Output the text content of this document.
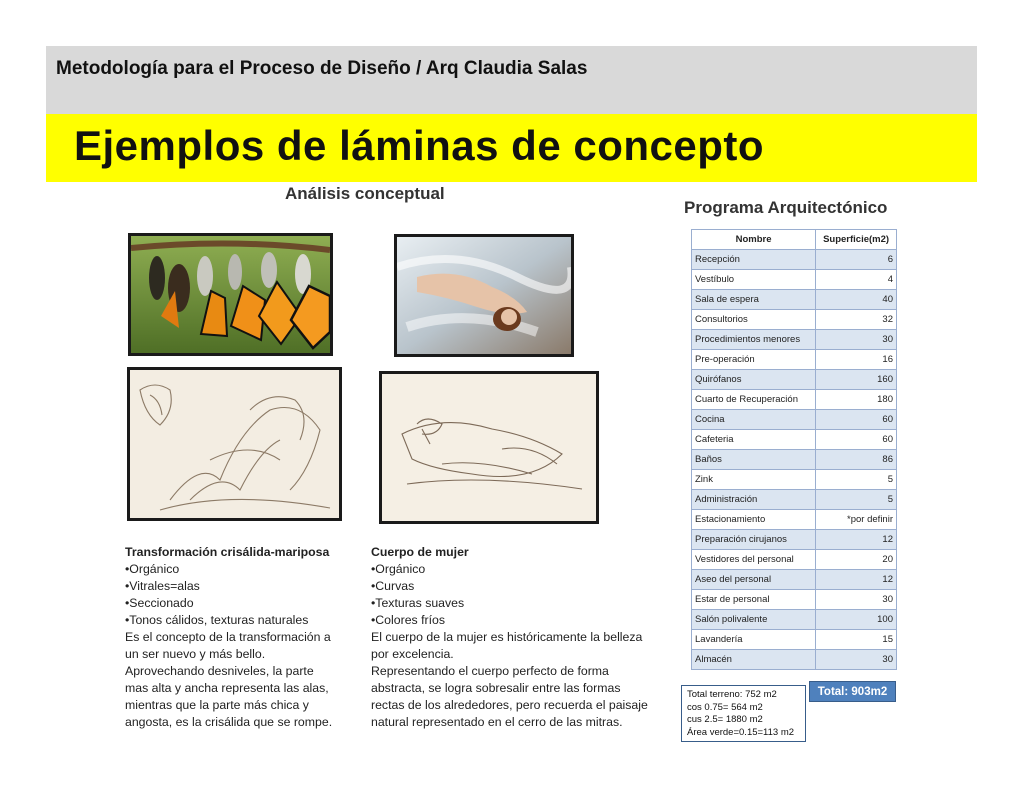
Metodología para el Proceso de Diseño / Arq Claudia Salas
Ejemplos de láminas de concepto
Análisis conceptual
Programa Arquitectónico
Transformación crisálida-mariposa
•Orgánico
•Vitrales=alas
•Seccionado
•Tonos cálidos, texturas naturales
Es el concepto de la transformación a
un ser nuevo y más bello.
Aprovechando desniveles, la parte
mas alta y ancha representa las alas,
mientras que la parte más chica y
angosta, es la crisálida que se rompe.
Cuerpo de mujer
•Orgánico
•Curvas
•Texturas suaves
•Colores fríos
El cuerpo de la mujer es históricamente la belleza
por excelencia.
Representando el cuerpo perfecto de forma
abstracta, se logra sobresalir entre las formas
rectas de los alrededores, pero recuerda el paisaje
natural representado en el cerro de las mitras.
Nombre	Superficie(m2)
Recepción	6
Vestíbulo	4
Sala de espera	40
Consultorios	32
Procedimientos menores	30
Pre-operación	16
Quirófanos	160
Cuarto de Recuperación	180
Cocina	60
Cafeteria	60
Baños	86
Zink	5
Administración	5
Estacionamiento	*por definir
Preparación cirujanos	12
Vestidores del personal	20
Aseo del personal	12
Estar de personal	30
Salón polivalente	100
Lavandería	15
Almacén	30
Total: 903m2
Total terreno: 752 m2
cos 0.75= 564 m2
cus 2.5= 1880 m2
Área verde=0.15=113 m2
